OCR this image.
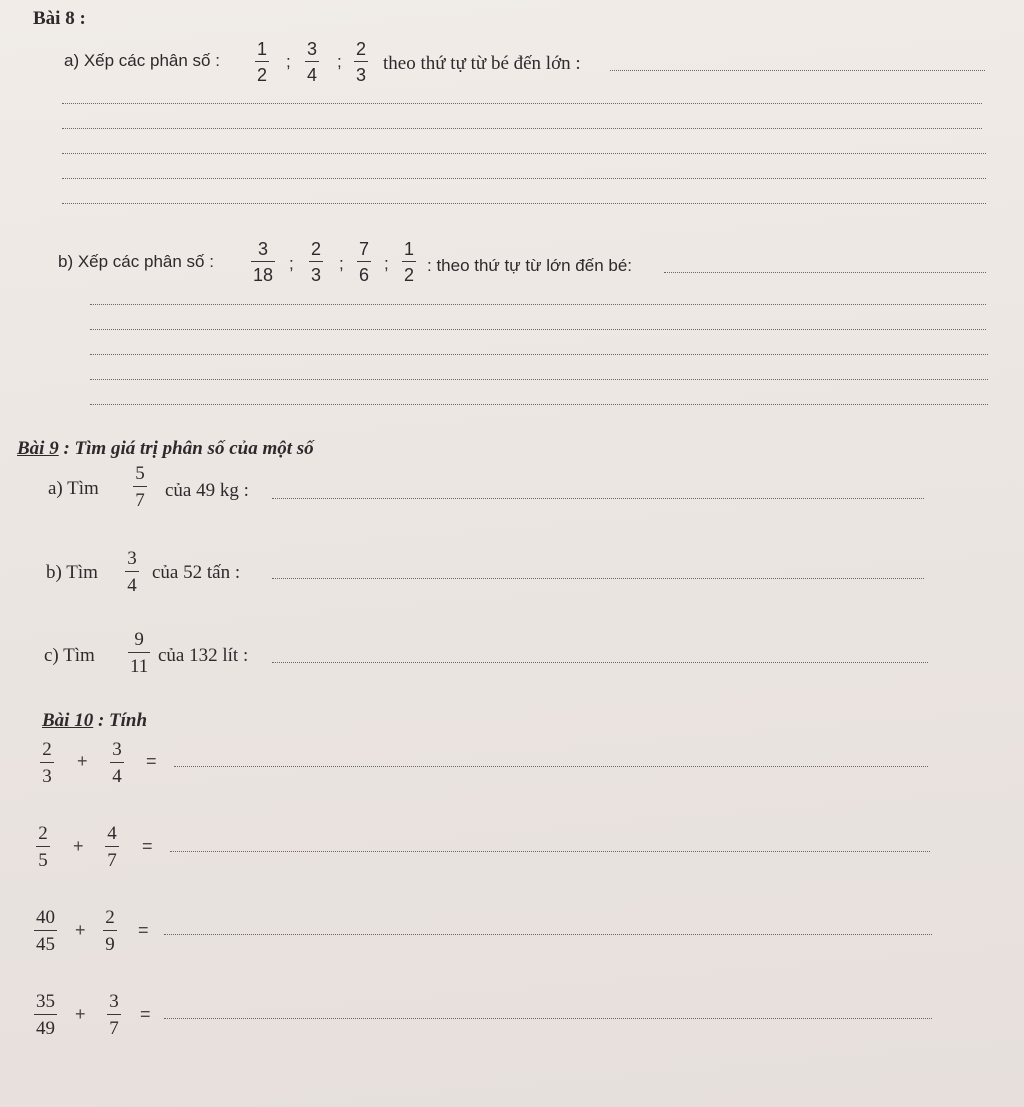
Bài 8 :
a) Xếp các phân số :
1
2
;
3
4
;
2
3
theo thứ tự từ bé đến lớn :
b) Xếp các phân số :
3
18
;
2
3
;
7
6
;
1
2 : theo thứ tự từ lớn đến bé:
Bài 9 : Tìm giá trị phân số của một số
a) Tìm
5
7 của 49 kg :
b) Tìm
3
4
của 52 tấn :
c) Tìm
9
11
của 132 lít :
Bài 10 : Tính
2
3
+
3
4
=
2
5
+
4
7
=
40
45
+
2
9
=
35
49
+
3
7
=
